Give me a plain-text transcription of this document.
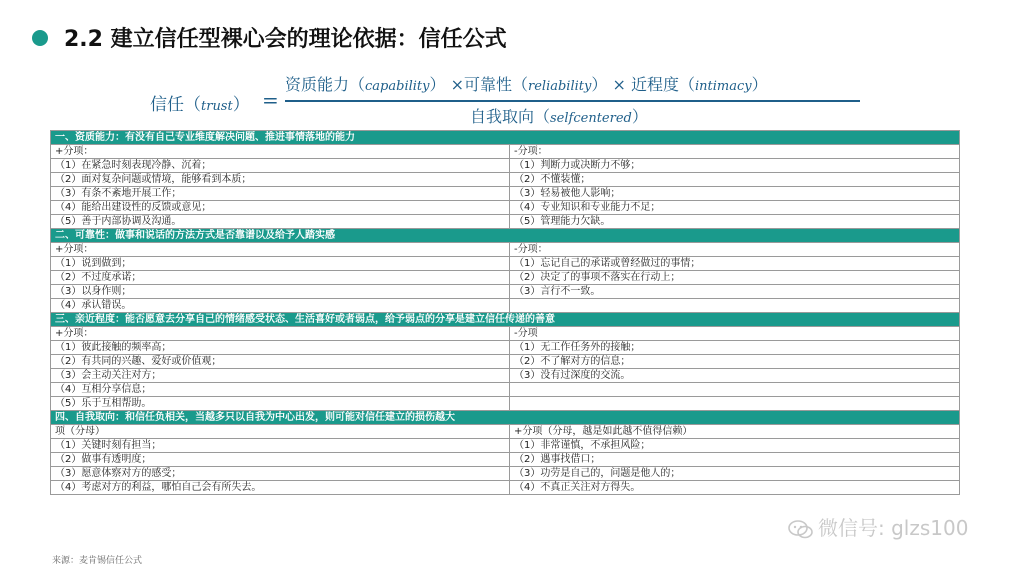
2.2 建立信任型裸心会的理论依据：信任公式
信任（trust） =
资质能力（capability） ×可靠性（reliability） × 近程度（intimacy）
自我取向（selfcentered）
一、资质能力：有没有自己专业维度解决问题、推进事情落地的能力	
+分项：	-分项：
（1）在紧急时刻表现冷静、沉着；	（1）判断力或决断力不够；
（2）面对复杂问题或情境，能够看到本质；	（2）不懂装懂；
（3）有条不紊地开展工作；	（3）轻易被他人影响；
（4）能给出建设性的反馈或意见；	（4）专业知识和专业能力不足；
（5）善于内部协调及沟通。	（5）管理能力欠缺。
二、可靠性：做事和说话的方法方式是否靠谱以及给予人踏实感	
+分项：	-分项：
（1）说到做到；	（1）忘记自己的承诺或曾经做过的事情；
（2）不过度承诺；	（2）决定了的事项不落实在行动上；
（3）以身作则；	（3）言行不一致。
（4）承认错误。	
三、亲近程度：能否愿意去分享自己的情绪感受状态、生活喜好或者弱点，给予弱点的分享是建立信任传递的善意	
+分项：	-分项
（1）彼此接触的频率高；	（1）无工作任务外的接触；
（2）有共同的兴趣、爱好或价值观；	（2）不了解对方的信息；
（3）会主动关注对方；	（3）没有过深度的交流。
（4）互相分享信息；	
（5）乐于互相帮助。	
四、自我取向：和信任负相关，当越多只以自我为中心出发，则可能对信任建立的损伤越大	
项（分母）	+分项（分母，越是如此越不值得信赖）
（1）关键时刻有担当；	（1）非常谨慎，不承担风险；
（2）做事有透明度；	（2）遇事找借口；
（3）愿意体察对方的感受；	（3）功劳是自己的，问题是他人的；
（4）考虑对方的利益，哪怕自己会有所失去。	（4）不真正关注对方得失。
来源：麦肯锡信任公式
微信号: glzs100
